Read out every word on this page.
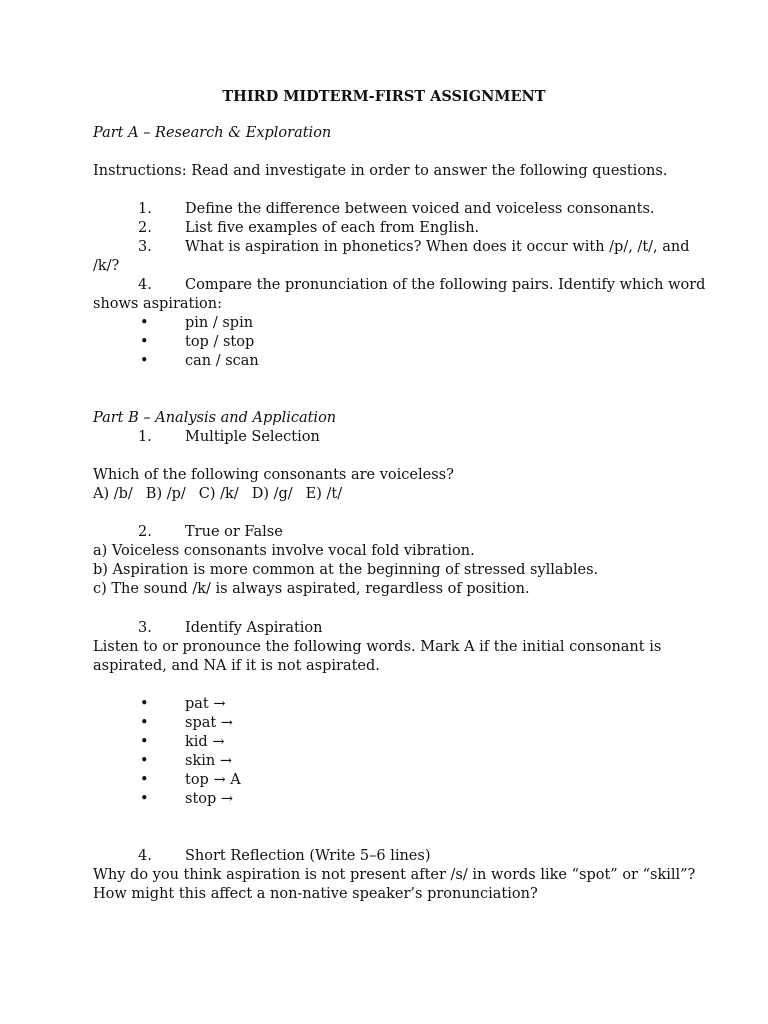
THIRD MIDTERM-FIRST ASSIGNMENT
Part A – Research & Exploration
Instructions: Read and investigate in order to answer the following questions.
1.	Define the difference between voiced and voiceless consonants.
2.	List five examples of each from English.
3.	What is aspiration in phonetics? When does it occur with /p/, /t/, and
/k/?
4.	Compare the pronunciation of the following pairs. Identify which word
shows aspiration:
•	pin / spin
•	top / stop
•	can / scan
Part B – Analysis and Application
1.	Multiple Selection
Which of the following consonants are voiceless?
A) /b/ B) /p/ C) /k/ D) /g/ E) /t/
2.	True or False
a) Voiceless consonants involve vocal fold vibration.
b) Aspiration is more common at the beginning of stressed syllables.
c) The sound /k/ is always aspirated, regardless of position.
3.	Identify Aspiration
Listen to or pronounce the following words. Mark A if the initial consonant is
aspirated, and NA if it is not aspirated.
•	pat →
•	spat →
•	kid →
•	skin →
•	top → A
•	stop →
4.	Short Reflection (Write 5–6 lines)
Why do you think aspiration is not present after /s/ in words like “spot” or “skill”?
How might this affect a non-native speaker’s pronunciation?
